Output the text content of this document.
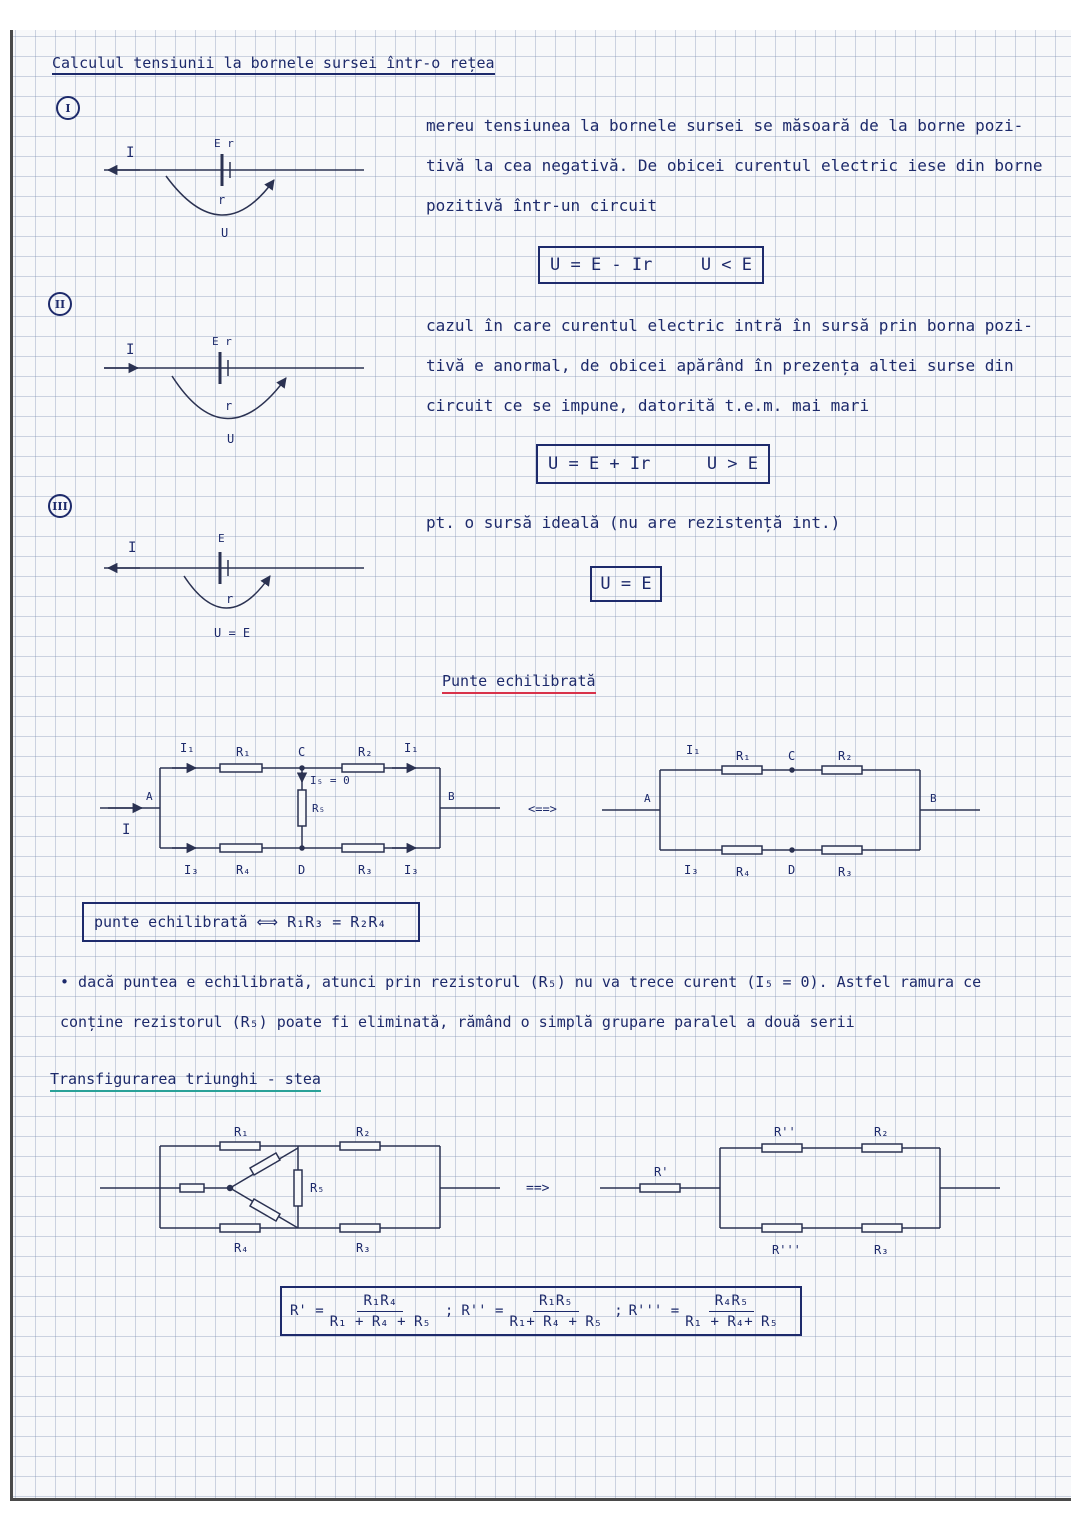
Calculul tensiunii la bornele sursei într-o rețea
I
II
III
mereu tensiunea la bornele sursei se măsoară de la borne pozi- tivă la cea negativă. De obicei curentul electric iese din borne pozitivă într-un circuit
cazul în care curentul electric intră în sursă prin borna pozi- tivă e anormal, de obicei apărând în prezența altei surse din circuit ce se impune, datorită t.e.m. mai mari
pt. o sursă ideală (nu are rezistență int.)
U = E - Ir	U < E
U = E + Ir	U > E
U = E
Punte echilibrată
punte echilibrată ⟺ R₁R₃ = R₂R₄
• dacă puntea e echilibrată, atunci prin rezistorul (R₅) nu va trece curent (I₅ = 0). Astfel ramura ce conține rezistorul (R₅) poate fi eliminată, rămând o simplă grupare paralel a două serii
Transfigurarea triunghi - stea
$R' = \frac{\text{R₁R₄}}{\text{R₁ + R₄ + R₅}}$ ; $R'' = \frac{\text{R₁R₅}}{\text{R₁+ R₄ + R₅}}$ ; $R''' = \frac{\text{R₄R₅}}{\text{R₁ + R₄+ R₅}}$
I
E r
r
U
I
E r
r
U
I
E
r
U = E
I₁	R₁	C	R₂	I₁
I₅ = 0
R₅
A	B
I
I₃	R₄	D	R₃	I₃
<==>
I₁	R₁	C	R₂
A	B
I₃	R₄	D	R₃
R₁	R₂
R₅
R₄	R₃
==>
R'
R''	R₂
R'''	R₃
